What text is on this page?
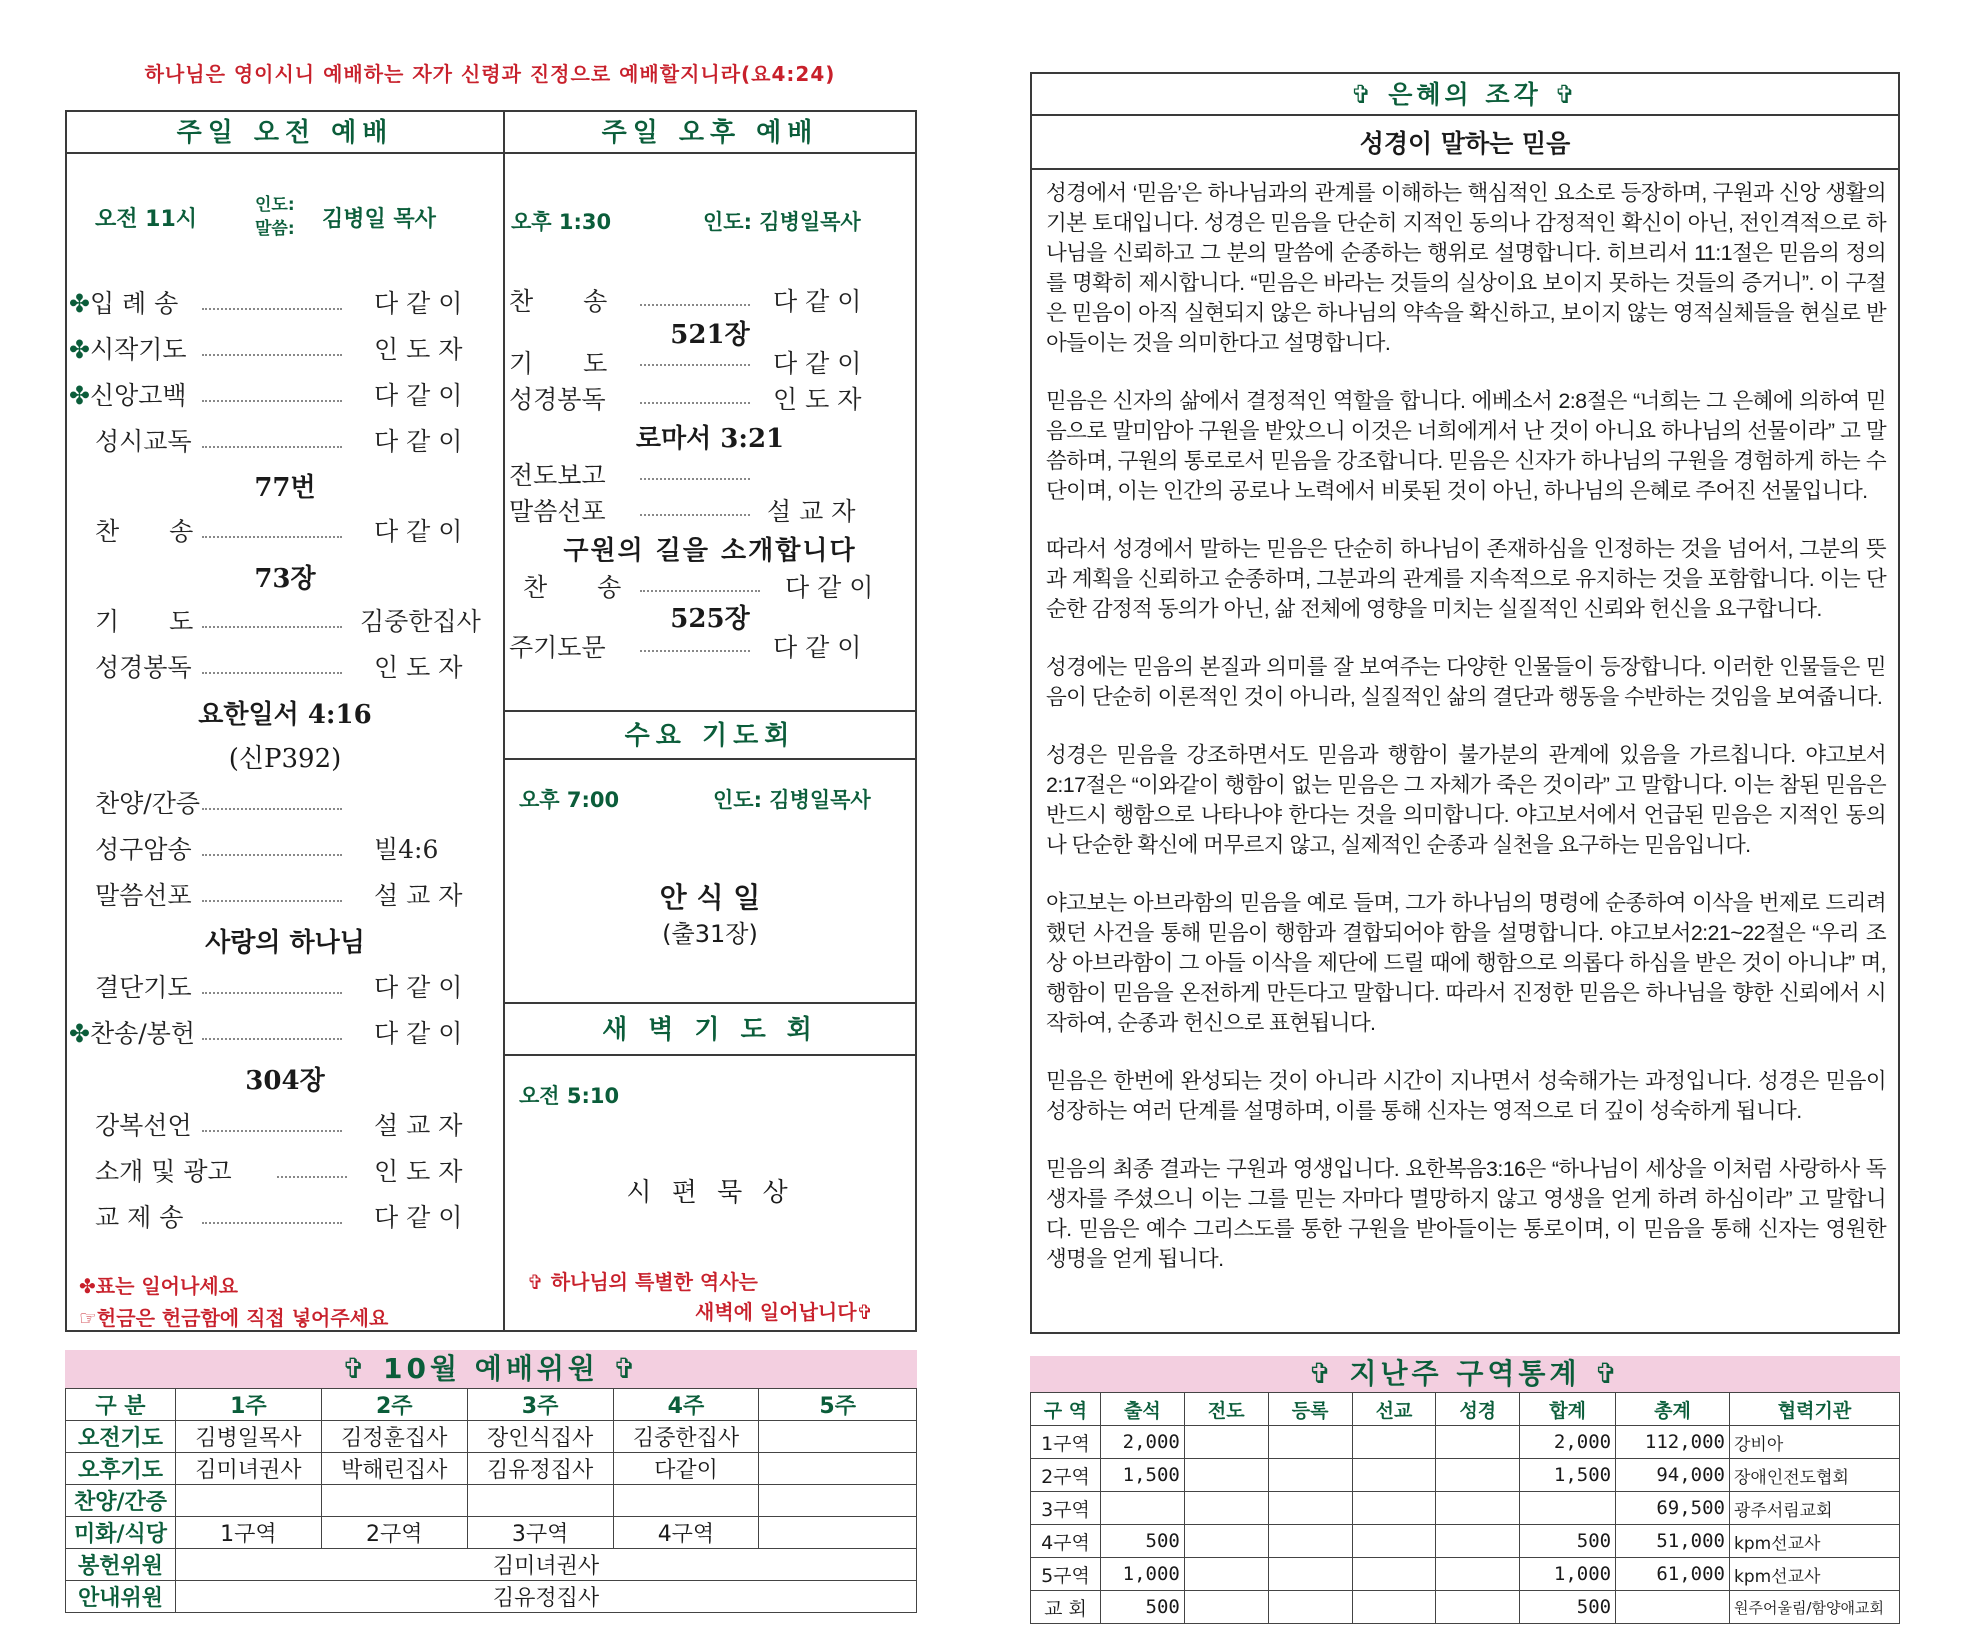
하나님은 영이시니 예배하는 자가 신령과 진정으로 예배할지니라(요4:24)
주일 오전 예배
오전 11시
인도:
말씀: 김병일 목사
✤입 례 송	다 같 이
✤시작기도	인 도 자
✤신앙고백	다 같 이
성시교독	다 같 이
77번
찬　　송	다 같 이
73장
기　　도	김중한집사
성경봉독	인 도 자
요한일서 4:16
(신P392)
찬양/간증
성구암송	빌4:6
말씀선포	설 교 자
사랑의 하나님
결단기도	다 같 이
✤찬송/봉헌	다 같 이
304장
강복선언	설 교 자
소개 및 광고	인 도 자
교 제 송	다 같 이
✤표는 일어나세요
☞헌금은 헌금함에 직접 넣어주세요
주일 오후 예배
오후 1:30	인도: 김병일목사
찬　　송	다 같 이
521장
기　　도	다 같 이
성경봉독	인 도 자
로마서 3:21
전도보고
말씀선포	설 교 자
구원의 길을 소개합니다
찬　　송	다 같 이
525장
주기도문	다 같 이
수요 기도회
오후 7:00	인도: 김병일목사
안 식 일
(출31장)
새 벽 기 도 회
오전 5:10
시 편 묵 상
✞ 하나님의 특별한 역사는
새벽에 일어납니다✞
✞ 10월 예배위원 ✞
구 분	1주	2주	3주	4주	5주
오전기도	김병일목사	김정훈집사	장인식집사	김중한집사	
오후기도	김미녀권사	박해린집사	김유정집사	다같이	
찬양/간증					
미화/식당	1구역	2구역	3구역	4구역	
봉헌위원	김미녀권사				
안내위원	김유정집사				
✞ 은혜의 조각 ✞
성경이 말하는 믿음

성경에서 ‘믿음’은 하나님과의 관계를 이해하는 핵심적인 요소로 등장하며, 구원과 신앙 생활의 기본 토대입니다. 성경은 믿음을 단순히 지적인 동의나 감정적인 확신이 아닌, 전인격적으로 하나님을 신뢰하고 그 분의 말씀에 순종하는 행위로 설명합니다. 히브리서 11:1절은 믿음의 정의를 명확히 제시합니다. “믿음은 바라는 것들의 실상이요 보이지 못하는 것들의 증거니”. 이 구절은 믿음이 아직 실현되지 않은 하나님의 약속을 확신하고, 보이지 않는 영적실체들을 현실로 받아들이는 것을 의미한다고 설명합니다.

믿음은 신자의 삶에서 결정적인 역할을 합니다. 에베소서 2:8절은 “너희는 그 은혜에 의하여 믿음으로 말미암아 구원을 받았으니 이것은 너희에게서 난 것이 아니요 하나님의 선물이라” 고 말씀하며, 구원의 통로로서 믿음을 강조합니다. 믿음은 신자가 하나님의 구원을 경험하게 하는 수단이며, 이는 인간의 공로나 노력에서 비롯된 것이 아닌, 하나님의 은혜로 주어진 선물입니다.

따라서 성경에서 말하는 믿음은 단순히 하나님이 존재하심을 인정하는 것을 넘어서, 그분의 뜻과 계획을 신뢰하고 순종하며, 그분과의 관계를 지속적으로 유지하는 것을 포함합니다. 이는 단순한 감정적 동의가 아닌, 삶 전체에 영향을 미치는 실질적인 신뢰와 헌신을 요구합니다.

성경에는 믿음의 본질과 의미를 잘 보여주는 다양한 인물들이 등장합니다. 이러한 인물들은 믿음이 단순히 이론적인 것이 아니라, 실질적인 삶의 결단과 행동을 수반하는 것임을 보여줍니다.

성경은 믿음을 강조하면서도 믿음과 행함이 불가분의 관계에 있음을 가르칩니다. 야고보서 2:17절은 “이와같이 행함이 없는 믿음은 그 자체가 죽은 것이라” 고 말합니다. 이는 참된 믿음은 반드시 행함으로 나타나야 한다는 것을 의미합니다. 야고보서에서 언급된 믿음은 지적인 동의나 단순한 확신에 머무르지 않고, 실제적인 순종과 실천을 요구하는 믿음입니다.

야고보는 아브라함의 믿음을 예로 들며, 그가 하나님의 명령에 순종하여 이삭을 번제로 드리려 했던 사건을 통해 믿음이 행함과 결합되어야 함을 설명합니다. 야고보서2:21~22절은 “우리 조상 아브라함이 그 아들 이삭을 제단에 드릴 때에 행함으로 의롭다 하심을 받은 것이 아니냐” 며, 행함이 믿음을 온전하게 만든다고 말합니다. 따라서 진정한 믿음은 하나님을 향한 신뢰에서 시작하여, 순종과 헌신으로 표현됩니다.

믿음은 한번에 완성되는 것이 아니라 시간이 지나면서 성숙해가는 과정입니다. 성경은 믿음이 성장하는 여러 단계를 설명하며, 이를 통해 신자는 영적으로 더 깊이 성숙하게 됩니다.

믿음의 최종 결과는 구원과 영생입니다. 요한복음3:16은 “하나님이 세상을 이처럼 사랑하사 독생자를 주셨으니 이는 그를 믿는 자마다 멸망하지 않고 영생을 얻게 하려 하심이라” 고 말합니다. 믿음은 예수 그리스도를 통한 구원을 받아들이는 통로이며, 이 믿음을 통해 신자는 영원한 생명을 얻게 됩니다.

✞ 지난주 구역통계 ✞
구 역	출석	전도	등록	선교	성경	합계	총계	협력기관
1구역	2,000					2,000	112,000	강비아
2구역	1,500					1,500	94,000	장애인전도협회
3구역							69,500	광주서림교회
4구역	500					500	51,000	kpm선교사
5구역	1,000					1,000	61,000	kpm선교사
교 회	500					500		원주어울림/함양애교회
